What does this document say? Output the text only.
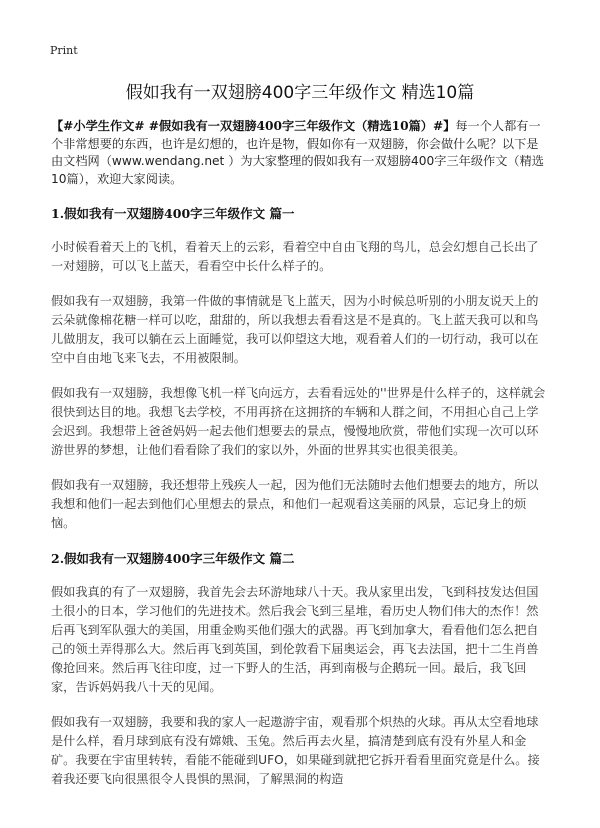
Print
假如我有一双翅膀400字三年级作文 精选10篇

【#小学生作文# #假如我有一双翅膀400字三年级作文（精选10篇）#】每一个人都有一个非常想要的东西，也许是幻想的，也许是物，假如你有一双翅膀，你会做什么呢？以下是由文档网（www.wendang.net ）为大家整理的假如我有一双翅膀400字三年级作文（精选10篇），欢迎大家阅读。

1.假如我有一双翅膀400字三年级作文 篇一

小时候看着天上的飞机，看着天上的云彩，看着空中自由飞翔的鸟儿，总会幻想自己长出了一对翅膀，可以飞上蓝天，看看空中长什么样子的。

假如我有一双翅膀，我第一件做的事情就是飞上蓝天，因为小时候总听别的小朋友说天上的云朵就像棉花糖一样可以吃，甜甜的，所以我想去看看这是不是真的。飞上蓝天我可以和鸟儿做朋友，我可以躺在云上面睡觉，我可以仰望这大地，观看着人们的一切行动，我可以在空中自由地飞来飞去，不用被限制。

假如我有一双翅膀，我想像飞机一样飞向远方，去看看远处的''世界是什么样子的，这样就会很快到达目的地。我想飞去学校，不用再挤在这拥挤的车辆和人群之间，不用担心自己上学会迟到。我想带上爸爸妈妈一起去他们想要去的景点，慢慢地欣赏，带他们实现一次可以环游世界的梦想，让他们看看除了我们的家以外，外面的世界其实也很美很美。

假如我有一双翅膀，我还想带上残疾人一起，因为他们无法随时去他们想要去的地方，所以我想和他们一起去到他们心里想去的景点，和他们一起观看这美丽的风景，忘记身上的烦恼。

2.假如我有一双翅膀400字三年级作文 篇二

假如我真的有了一双翅膀，我首先会去环游地球八十天。我从家里出发，飞到科技发达但国土很小的日本，学习他们的先进技术。然后我会飞到三星堆，看历史人物们伟大的杰作！然后再飞到军队强大的美国，用重金购买他们强大的武器。再飞到加拿大，看看他们怎么把自己的领土弄得那么大。然后再飞到英国，到伦敦看下届奥运会，再飞去法国，把十二生肖兽像抢回来。然后再飞往印度，过一下野人的生活，再到南极与企鹅玩一回。最后，我飞回家，告诉妈妈我八十天的见闻。

假如我有一双翅膀，我要和我的家人一起遨游宇宙，观看那个炽热的火球。再从太空看地球是什么样，看月球到底有没有嫦娥、玉兔。然后再去火星，搞清楚到底有没有外星人和金矿。我要在宇宙里转转，看能不能碰到UFO，如果碰到就把它拆开看看里面究竟是什么。接着我还要飞向很黑很令人畏惧的黑洞，了解黑洞的构造
